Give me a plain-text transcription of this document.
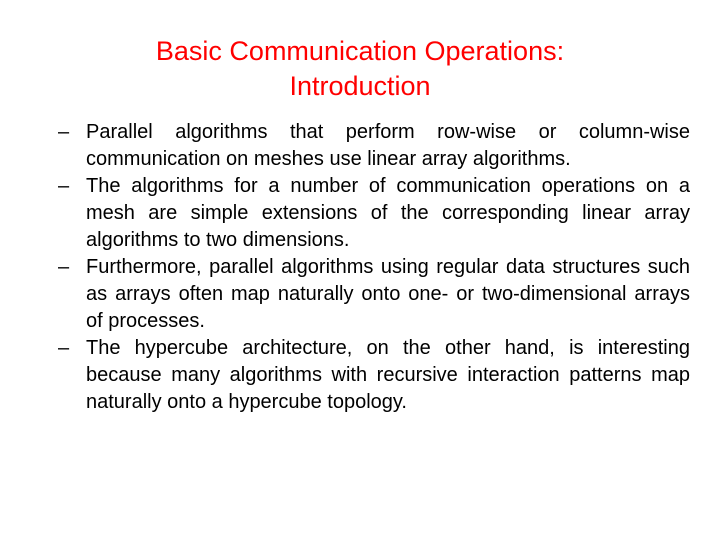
Basic Communication Operations:
Introduction
– Parallel algorithms that perform row-wise or column-wise communication on meshes use linear array algorithms.
– The algorithms for a number of communication operations on a mesh are simple extensions of the corresponding linear array algorithms to two dimensions.
– Furthermore, parallel algorithms using regular data structures such as arrays often map naturally onto one- or two-dimensional arrays of processes.
– The hypercube architecture, on the other hand, is interesting because many algorithms with recursive interaction patterns map naturally onto a hypercube topology.
